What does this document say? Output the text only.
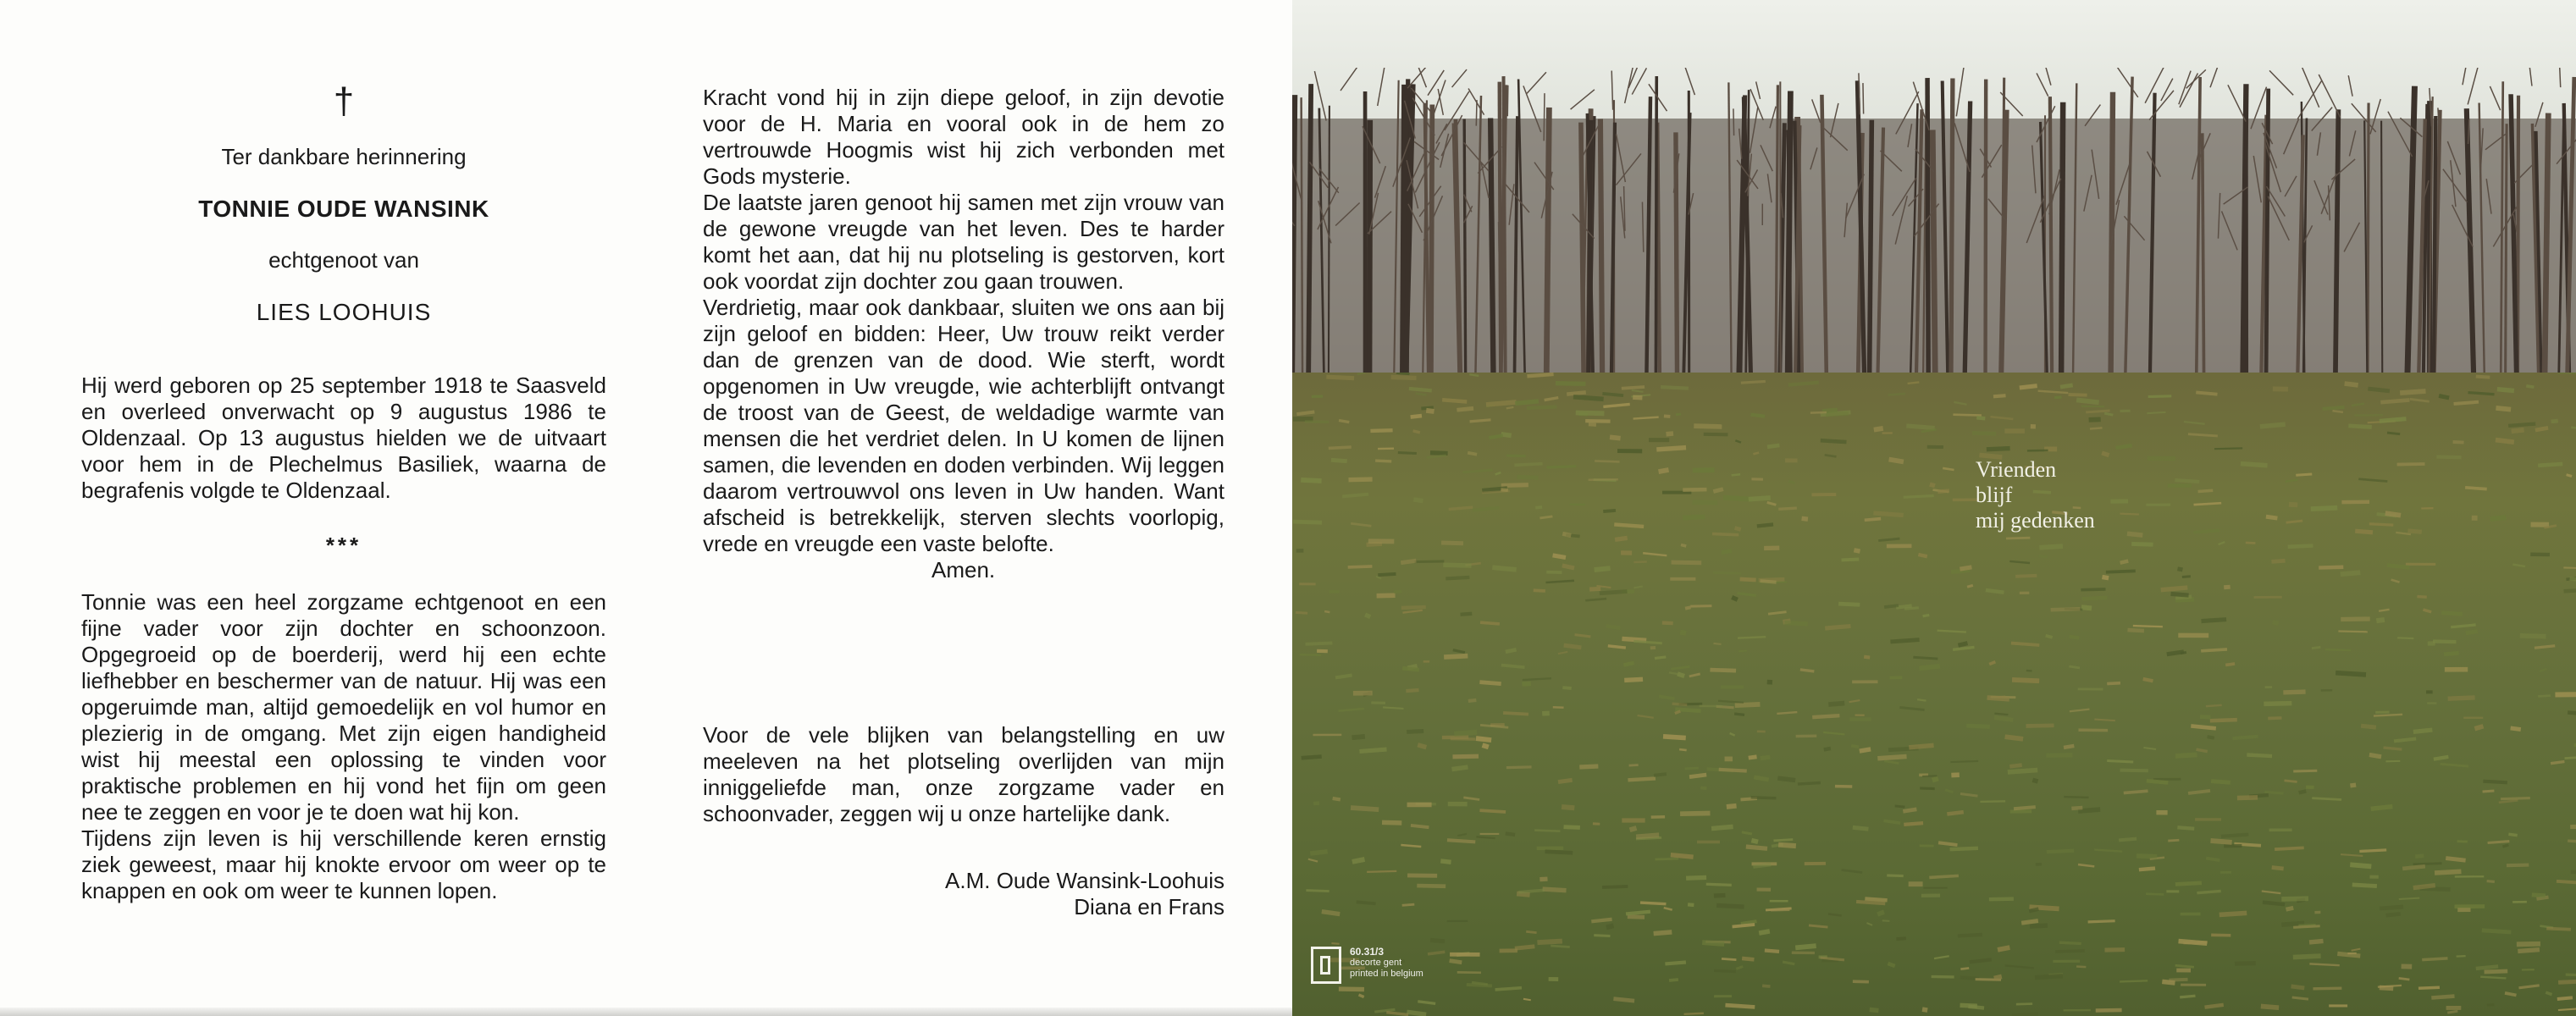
†
Ter dankbare herinnering
TONNIE OUDE WANSINK
echtgenoot van
LIES LOOHUIS

Hij werd geboren op 25 september 1918 te Saasveld en overleed onverwacht op 9 augustus 1986 te Oldenzaal. Op 13 augustus hielden we de uitvaart voor hem in de Plechelmus Basiliek, waarna de begrafenis volgde te Oldenzaal.

***

Tonnie was een heel zorgzame echtgenoot en een fijne vader voor zijn dochter en schoonzoon. Opgegroeid op de boerderij, werd hij een echte liefhebber en beschermer van de natuur. Hij was een opgeruimde man, altijd gemoedelijk en vol humor en plezierig in de omgang. Met zijn eigen handigheid wist hij meestal een oplossing te vinden voor praktische problemen en hij vond het fijn om geen nee te zeggen en voor je te doen wat hij kon.

Tijdens zijn leven is hij verschillende keren ernstig ziek geweest, maar hij knokte ervoor om weer op te knappen en ook om weer te kunnen lopen.

Kracht vond hij in zijn diepe geloof, in zijn devotie voor de H. Maria en vooral ook in de hem zo vertrouwde Hoogmis wist hij zich verbonden met Gods mysterie.

De laatste jaren genoot hij samen met zijn vrouw van de gewone vreugde van het leven. Des te harder komt het aan, dat hij nu plotseling is gestorven, kort ook voordat zijn dochter zou gaan trouwen.

Verdrietig, maar ook dankbaar, sluiten we ons aan bij zijn geloof en bidden: Heer, Uw trouw reikt verder dan de grenzen van de dood. Wie sterft, wordt opgenomen in Uw vreugde, wie achterblijft ontvangt de troost van de Geest, de weldadige warmte van mensen die het verdriet delen. In U komen de lijnen samen, die levenden en doden verbinden. Wij leggen daarom vertrouwvol ons leven in Uw handen. Want afscheid is betrekkelijk, sterven slechts voorlopig, vrede en vreugde een vaste belofte.

Amen.

Voor de vele blijken van belangstelling en uw meeleven na het plotseling overlijden van mijn inniggeliefde man, onze zorgzame vader en schoonvader, zeggen wij u onze hartelijke dank.

A.M. Oude Wansink-Loohuis
Diana en Frans
Vrienden
blijf
mij gedenken
60.31/3
decorte gent
printed in belgium
